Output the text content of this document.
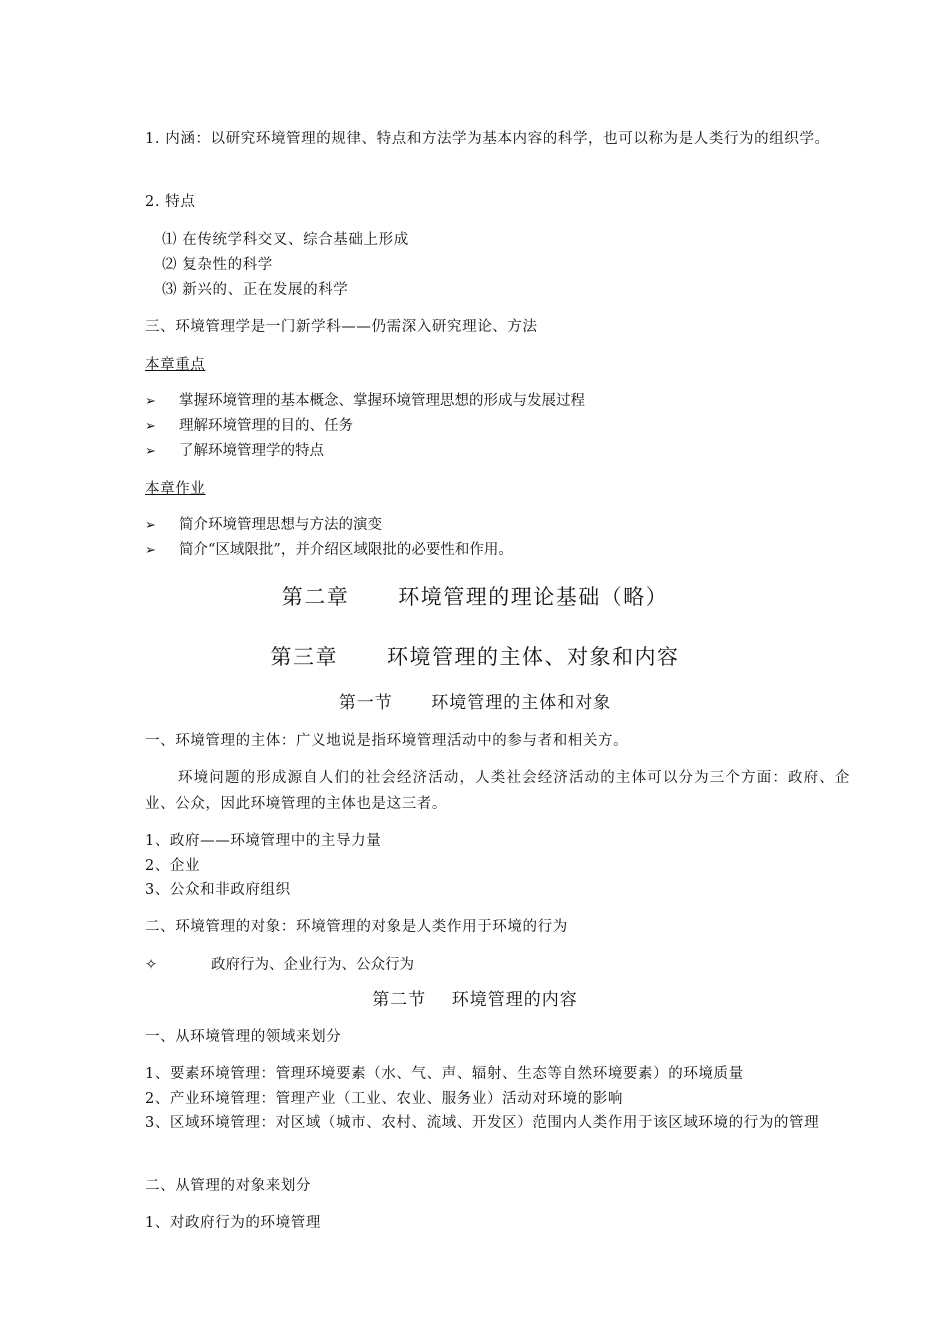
1. 内涵：以研究环境管理的规律、特点和方法学为基本内容的科学，也可以称为是人类行为的组织学。
2. 特点
⑴ 在传统学科交叉、综合基础上形成
⑵ 复杂性的科学
⑶ 新兴的、正在发展的科学
三、环境管理学是一门新学科——仍需深入研究理论、方法
本章重点
➢ 掌握环境管理的基本概念、掌握环境管理思想的形成与发展过程
➢ 理解环境管理的目的、任务
➢ 了解环境管理学的特点
本章作业
➢ 简介环境管理思想与方法的演变
➢ 简介“区域限批”，并介绍区域限批的必要性和作用。
第二章      环境管理的理论基础（略）
第三章      环境管理的主体、对象和内容
第一节      环境管理的主体和对象
一、环境管理的主体：广义地说是指环境管理活动中的参与者和相关方。
环境问题的形成源自人们的社会经济活动，人类社会经济活动的主体可以分为三个方面：政府、企业、公众，因此环境管理的主体也是这三者。
1、政府——环境管理中的主导力量
2、企业
3、公众和非政府组织
二、环境管理的对象：环境管理的对象是人类作用于环境的行为
✧	政府行为、企业行为、公众行为
第二节    环境管理的内容
一、从环境管理的领域来划分
1、要素环境管理：管理环境要素（水、气、声、辐射、生态等自然环境要素）的环境质量
2、产业环境管理：管理产业（工业、农业、服务业）活动对环境的影响
3、区域环境管理：对区域（城市、农村、流域、开发区）范围内人类作用于该区域环境的行为的管理
二、从管理的对象来划分
1、对政府行为的环境管理
